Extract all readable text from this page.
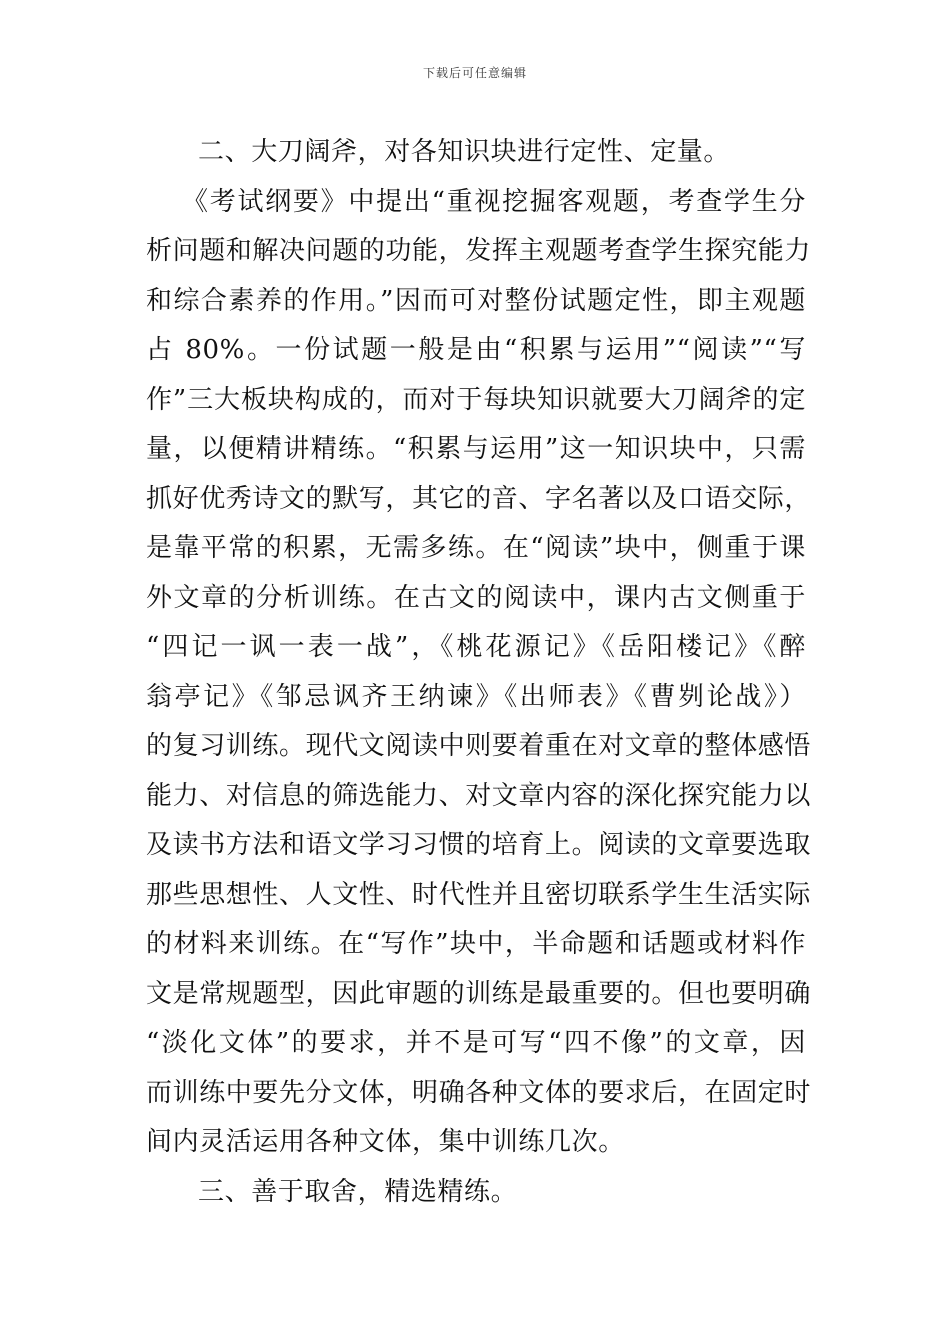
下载后可任意编辑
二、大刀阔斧，对各知识块进行定性、定量。
《考试纲要》中提出“重视挖掘客观题，考查学生分
析问题和解决问题的功能，发挥主观题考查学生探究能力
和综合素养的作用。”因而可对整份试题定性，即主观题
占 80%。一份试题一般是由“积累与运用”“阅读”“写
作”三大板块构成的，而对于每块知识就要大刀阔斧的定
量，以便精讲精练。“积累与运用”这一知识块中，只需
抓好优秀诗文的默写，其它的音、字名著以及口语交际，
是靠平常的积累，无需多练。在“阅读”块中，侧重于课
外文章的分析训练。在古文的阅读中，课内古文侧重于
“四记一讽一表一战”，《桃花源记》《岳阳楼记》《醉
翁亭记》《邹忌讽齐王纳谏》《出师表》《曹刿论战》）
的复习训练。现代文阅读中则要着重在对文章的整体感悟
能力、对信息的筛选能力、对文章内容的深化探究能力以
及读书方法和语文学习习惯的培育上。阅读的文章要选取
那些思想性、人文性、时代性并且密切联系学生生活实际
的材料来训练。在“写作”块中，半命题和话题或材料作
文是常规题型，因此审题的训练是最重要的。但也要明确
“淡化文体”的要求，并不是可写“四不像”的文章，因
而训练中要先分文体，明确各种文体的要求后，在固定时
间内灵活运用各种文体，集中训练几次。
三、善于取舍，精选精练。
